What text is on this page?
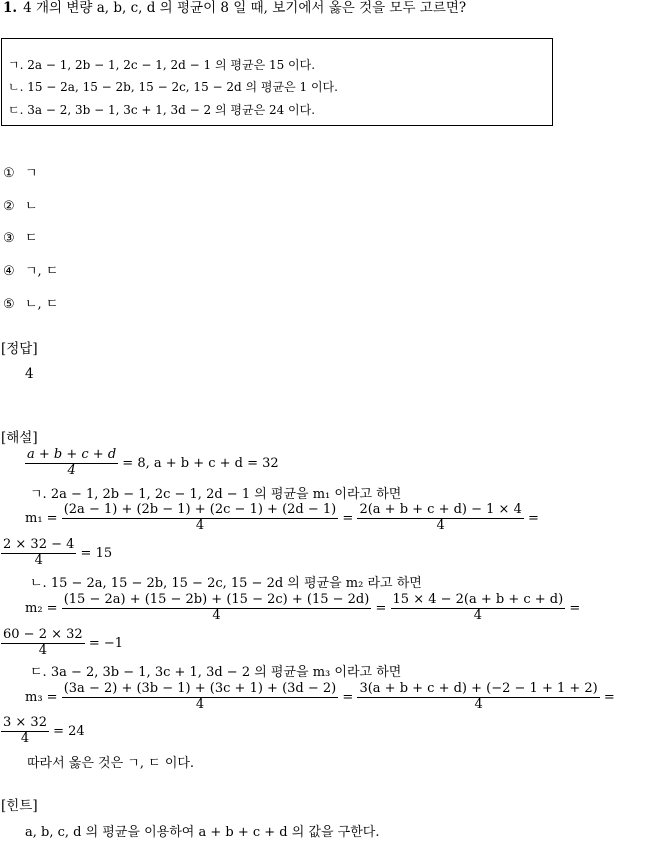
1. 4 개의 변량 a, b, c, d 의 평균이 8 일 때, 보기에서 옳은 것을 모두 고르면?
ㄱ. 2a − 1, 2b − 1, 2c − 1, 2d − 1 의 평균은 15 이다.
ㄴ. 15 − 2a, 15 − 2b, 15 − 2c, 15 − 2d 의 평균은 1 이다.
ㄷ. 3a − 2, 3b − 1, 3c + 1, 3d − 2 의 평균은 24 이다.
① ㄱ
② ㄴ
③ ㄷ
④ ㄱ, ㄷ
⑤ ㄴ, ㄷ
[정답]
4
[해설]
$\frac{a + b + c + d}{4} = 8$, a + b + c + d = 32
ㄱ. 2a − 1, 2b − 1, 2c − 1, 2d − 1 의 평균을 m₁ 이라고 하면
$m_1 = \frac{(2a - 1) + (2b - 1) + (2c - 1) + (2d - 1)}{4} = \frac{2(a + b + c + d) - 1 \times 4}{4}$ =
$\frac{2 \times 32 - 4}{4} = 15$
ㄴ. 15 − 2a, 15 − 2b, 15 − 2c, 15 − 2d 의 평균을 m₂ 라고 하면
$m_2 = \frac{(15 - 2a) + (15 - 2b) + (15 - 2c) + (15 - 2d)}{4} = \frac{15 \times 4 - 2(a + b + c + d)}{4}$ =
$\frac{60 - 2 \times 32}{4} = -1$
ㄷ. 3a − 2, 3b − 1, 3c + 1, 3d − 2 의 평균을 m₃ 이라고 하면
$m_3 = \frac{(3a - 2) + (3b - 1) + (3c + 1) + (3d - 2)}{4} = \frac{3(a + b + c + d) + (-2 - 1 + 1 + 2)}{4}$ =
$\frac{3 \times 32}{4} = 24$
따라서 옳은 것은 ㄱ, ㄷ 이다.
[힌트]
a, b, c, d 의 평균을 이용하여 a + b + c + d 의 값을 구한다.
